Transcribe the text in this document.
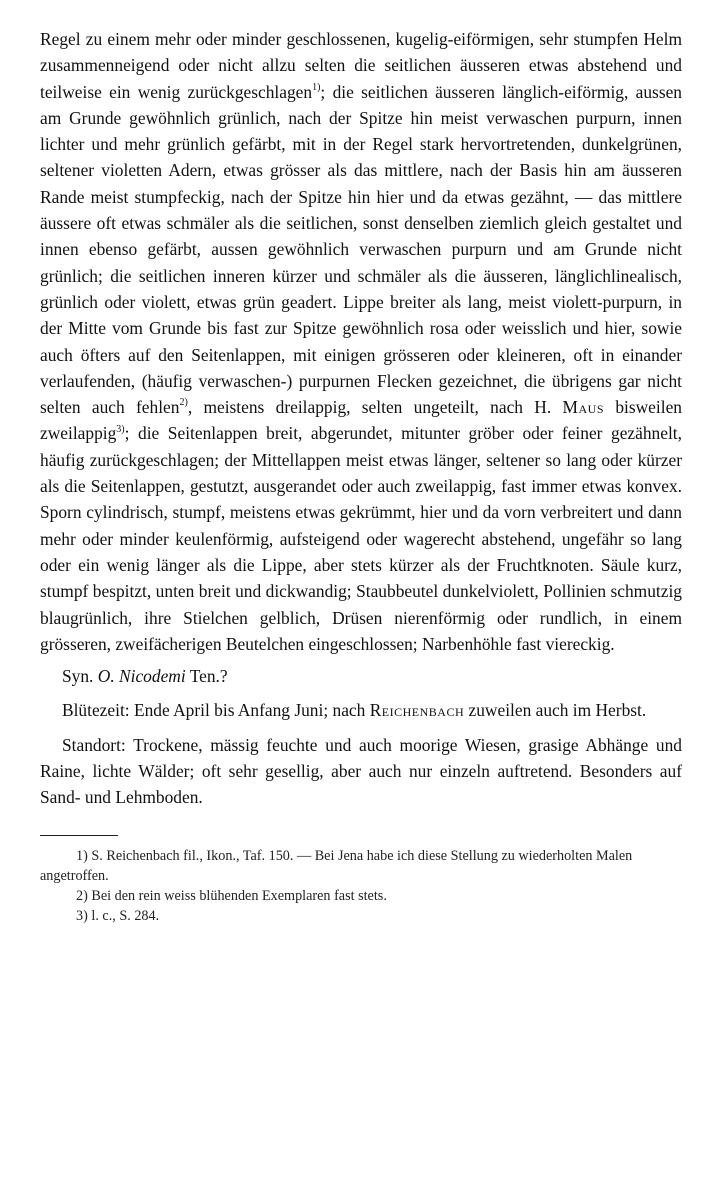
Regel zu einem mehr oder minder geschlossenen, kugelig-eiförmigen, sehr stumpfen Helm zusammenneigend oder nicht allzu selten die seitlichen äusseren etwas abstehend und teilweise ein wenig zurückgeschlagen$^{1)}$; die seitlichen äusseren länglich-eiförmig, aussen am Grunde gewöhnlich grünlich, nach der Spitze hin meist verwaschen purpurn, innen lichter und mehr grünlich gefärbt, mit in der Regel stark hervortretenden, dunkelgrünen, seltener violetten Adern, etwas grösser als das mittlere, nach der Basis hin am äusseren Rande meist stumpfeckig, nach der Spitze hin hier und da etwas gezähnt, — das mittlere äussere oft etwas schmäler als die seitlichen, sonst denselben ziemlich gleich gestaltet und innen ebenso gefärbt, aussen gewöhnlich verwaschen purpurn und am Grunde nicht grünlich; die seitlichen inneren kürzer und schmäler als die äusseren, länglichlinealisch, grünlich oder violett, etwas grün geadert. Lippe breiter als lang, meist violett-purpurn, in der Mitte vom Grunde bis fast zur Spitze gewöhnlich rosa oder weisslich und hier, sowie auch öfters auf den Seitenlappen, mit einigen grösseren oder kleineren, oft in einander verlaufenden, (häufig verwaschen-) purpurnen Flecken gezeichnet, die übrigens gar nicht selten auch fehlen$^{2)}$, meistens dreilappig, selten ungeteilt, nach H. Maus bisweilen zweilappig$^{3)}$; die Seitenlappen breit, abgerundet, mitunter gröber oder feiner gezähnelt, häufig zurückgeschlagen; der Mittellappen meist etwas länger, seltener so lang oder kürzer als die Seitenlappen, gestutzt, ausgerandet oder auch zweilappig, fast immer etwas konvex. Sporn cylindrisch, stumpf, meistens etwas gekrümmt, hier und da vorn verbreitert und dann mehr oder minder keulenförmig, aufsteigend oder wagerecht abstehend, ungefähr so lang oder ein wenig länger als die Lippe, aber stets kürzer als der Fruchtknoten. Säule kurz, stumpf bespitzt, unten breit und dickwandig; Staubbeutel dunkelviolett, Pollinien schmutzig blaugrünlich, ihre Stielchen gelblich, Drüsen nierenförmig oder rundlich, in einem grösseren, zweifächerigen Beutelchen eingeschlossen; Narbenhöhle fast viereckig.

Syn. O. Nicodemi Ten.?

Blütezeit: Ende April bis Anfang Juni; nach Reichenbach zuweilen auch im Herbst.

Standort: Trockene, mässig feuchte und auch moorige Wiesen, grasige Abhänge und Raine, lichte Wälder; oft sehr gesellig, aber auch nur einzeln auftretend. Besonders auf Sand- und Lehmboden.

1) S. Reichenbach fil., Ikon., Taf. 150. — Bei Jena habe ich diese Stellung zu wiederholten Malen angetroffen.

2) Bei den rein weiss blühenden Exemplaren fast stets.

3) l. c., S. 284.
